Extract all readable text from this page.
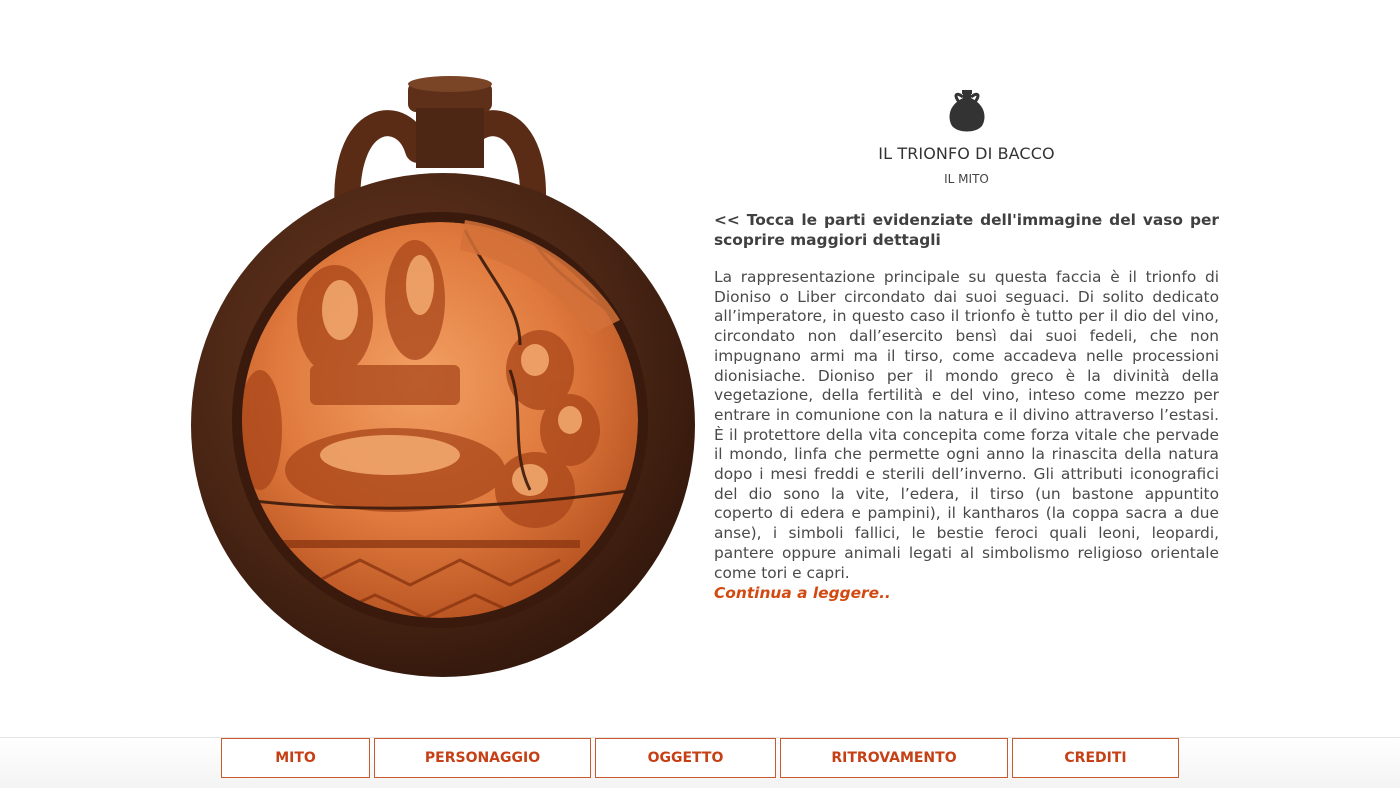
IL TRIONFO DI BACCO
IL MITO
<< Tocca le parti evidenziate dell'immagine del vaso per scoprire maggiori dettagli
La rappresentazione principale su questa faccia è il trionfo di Dioniso o Liber circondato dai suoi seguaci. Di solito dedicato all’imperatore, in questo caso il trionfo è tutto per il dio del vino, circondato non dall’esercito bensì dai suoi fedeli, che non impugnano armi ma il tirso, come accadeva nelle processioni dionisiache. Dioniso per il mondo greco è la divinità della vegetazione, della fertilità e del vino, inteso come mezzo per entrare in comunione con la natura e il divino attraverso l’estasi. È il protettore della vita concepita come forza vitale che pervade il mondo, linfa che permette ogni anno la rinascita della natura dopo i mesi freddi e sterili dell’inverno. Gli attributi iconografici del dio sono la vite, l’edera, il tirso (un bastone appuntito coperto di edera e pampini), il kantharos (la coppa sacra a due anse), i simboli fallici, le bestie feroci quali leoni, leopardi, pantere oppure animali legati al simbolismo religioso orientale come tori e capri.
Continua a leggere..
MITO	PERSONAGGIO	OGGETTO	RITROVAMENTO	CREDITI
